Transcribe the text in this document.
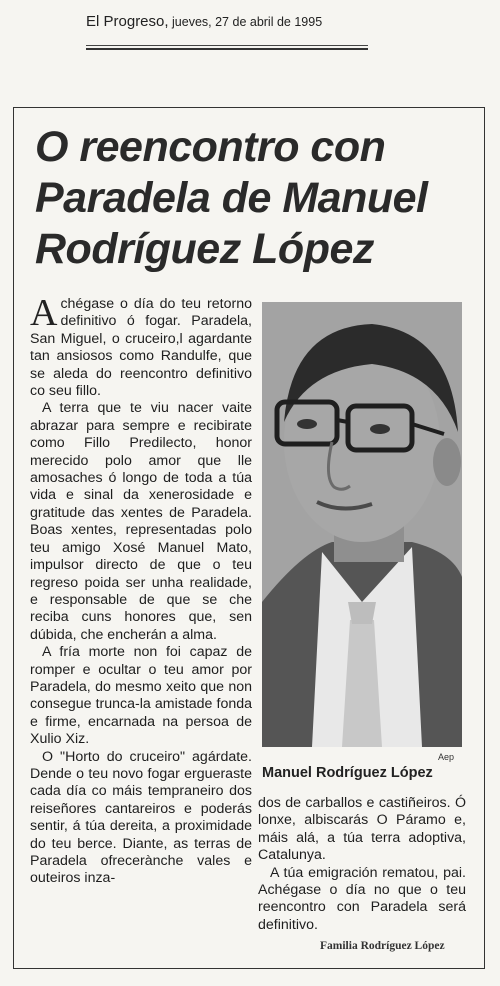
El Progreso, jueves, 27 de abril de 1995
O reencontro con Paradela de Manuel Rodríguez López

Achégase o día do teu retorno definitivo ó fogar. Paradela, San Miguel, o cruceiro,l agardante tan ansiosos como Randulfe, que se aleda do reencontro definitivo co seu fillo.

A terra que te viu nacer vaite abrazar para sempre e recibirate como Fillo Predilecto, honor merecido polo amor que lle amosaches ó longo de toda a túa vida e sinal da xenerosidade e gratitude das xentes de Paradela. Boas xentes, representadas polo teu amigo Xosé Manuel Mato, impulsor directo de que o teu regreso poida ser unha realidade, e responsable de que se che reciba cuns honores que, sen dúbida, che encherán a alma.

A fría morte non foi capaz de romper e ocultar o teu amor por Paradela, do mesmo xeito que non consegue trunca-la amistade fonda e firme, encarnada na persoa de Xulio Xiz.

O "Horto do cruceiro" agárdate. Dende o teu novo fogar ergueraste cada día co máis tempraneiro dos reiseñores cantareiros e poderás sentir, á túa dereita, a proximidade do teu berce. Diante, as terras de Paradela ofrecerànche vales e outeiros inza-

Aep
Manuel Rodríguez López

dos de carballos e castiñeiros. Ó lonxe, albiscarás O Páramo e, máis alá, a túa terra adoptiva, Catalunya.

A túa emigración rematou, pai. Achégase o día no que o teu reencontro con Paradela será definitivo.

Familia Rodríguez López
